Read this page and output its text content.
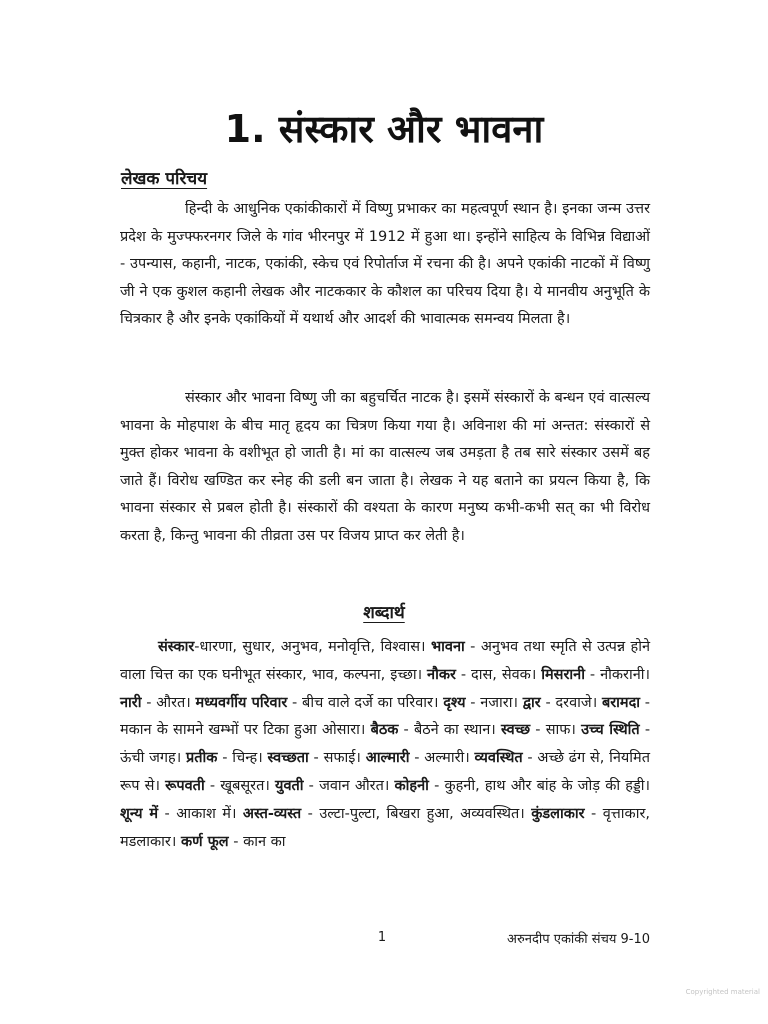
1. संस्कार और भावना
लेखक परिचय

हिन्दी के आधुनिक एकांकीकारों में विष्णु प्रभाकर का महत्वपूर्ण स्थान है। इनका जन्म उत्तर प्रदेश के मुज्फ्फरनगर जिले के गांव भीरनपुर में 1912 में हुआ था। इन्होंने साहित्य के विभिन्न विद्याओं - उपन्यास, कहानी, नाटक, एकांकी, स्केच एवं रिपोर्ताज में रचना की है। अपने एकांकी नाटकों में विष्णु जी ने एक कुशल कहानी लेखक और नाटककार के कौशल का परिचय दिया है। ये मानवीय अनुभूति के चित्रकार है और इनके एकांकियों में यथार्थ और आदर्श की भावात्मक समन्वय मिलता है।

संस्कार और भावना विष्णु जी का बहुचर्चित नाटक है। इसमें संस्कारों के बन्धन एवं वात्सल्य भावना के मोहपाश के बीच मातृ हृदय का चित्रण किया गया है। अविनाश की मां अन्तत: संस्कारों से मुक्त होकर भावना के वशीभूत हो जाती है। मां का वात्सल्य जब उमड़ता है तब सारे संस्कार उसमें बह जाते हैं। विरोध खण्डित कर स्नेह की डली बन जाता है। लेखक ने यह बताने का प्रयत्न किया है, कि भावना संस्कार से प्रबल होती है। संस्कारों की वश्यता के कारण मनुष्य कभी-कभी सत् का भी विरोध करता है, किन्तु भावना की तीव्रता उस पर विजय प्राप्त कर लेती है।

शब्दार्थ

संस्कार-धारणा, सुधार, अनुभव, मनोवृत्ति, विश्वास। भावना - अनुभव तथा स्मृति से उत्पन्न होने वाला चित्त का एक घनीभूत संस्कार, भाव, कल्पना, इच्छा। नौकर - दास, सेवक। मिसरानी - नौकरानी। नारी - औरत। मध्यवर्गीय परिवार - बीच वाले दर्जे का परिवार। दृश्य - नजारा। द्वार - दरवाजे। बरामदा - मकान के सामने खम्भों पर टिका हुआ ओसारा। बैठक - बैठने का स्थान। स्वच्छ - साफ। उच्च स्थिति - ऊंची जगह। प्रतीक - चिन्ह। स्वच्छता - सफाई। आल्मारी - अल्मारी। व्यवस्थित - अच्छे ढंग से, नियमित रूप से। रूपवती - खूबसूरत। युवती - जवान औरत। कोहनी - कुहनी, हाथ और बांह के जोड़ की हड्डी। शून्य में - आकाश में। अस्त-व्यस्त - उल्टा-पुल्टा, बिखरा हुआ, अव्यवस्थित। कुंडलाकार - वृत्ताकार, मडलाकार। कर्ण फूल - कान का

1	अरुनदीप एकांकी संचय 9-10
Copyrighted material
